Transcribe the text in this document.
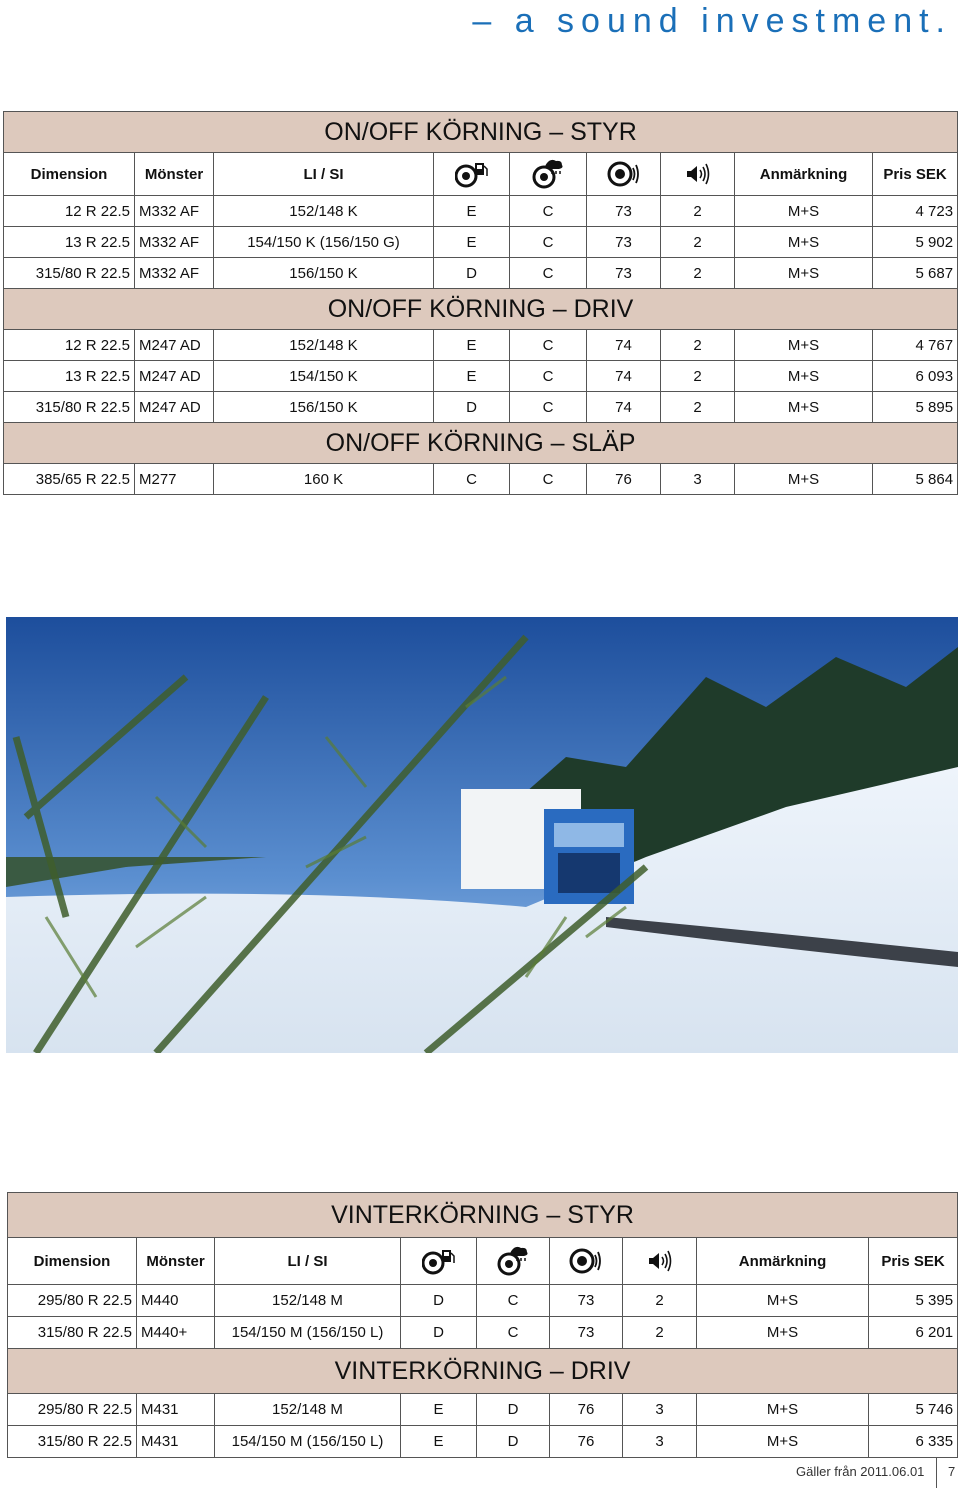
– a sound investment.
ON/OFF KÖRNING – STYR								
Dimension	Mönster	LI / SI					Anmärkning	Pris SEK
12 R 22.5	M332 AF	152/148 K	E	C	73	2	M+S	4 723
13 R 22.5	M332 AF	154/150 K (156/150 G)	E	C	73	2	M+S	5 902
315/80 R 22.5	M332 AF	156/150 K	D	C	73	2	M+S	5 687
ON/OFF KÖRNING – DRIV								
12 R 22.5	M247 AD	152/148 K	E	C	74	2	M+S	4 767
13 R 22.5	M247 AD	154/150 K	E	C	74	2	M+S	6 093
315/80 R 22.5	M247 AD	156/150 K	D	C	74	2	M+S	5 895
ON/OFF KÖRNING – SLÄP								
385/65 R 22.5	M277	160 K	C	C	76	3	M+S	5 864
VINTERKÖRNING – STYR								
Dimension	Mönster	LI / SI					Anmärkning	Pris SEK
295/80 R 22.5	M440	152/148 M	D	C	73	2	M+S	5 395
315/80 R 22.5	M440+	154/150 M (156/150 L)	D	C	73	2	M+S	6 201
VINTERKÖRNING – DRIV								
295/80 R 22.5	M431	152/148 M	E	D	76	3	M+S	5 746
315/80 R 22.5	M431	154/150 M (156/150 L)	E	D	76	3	M+S	6 335
Gäller från 2011.06.01 7
